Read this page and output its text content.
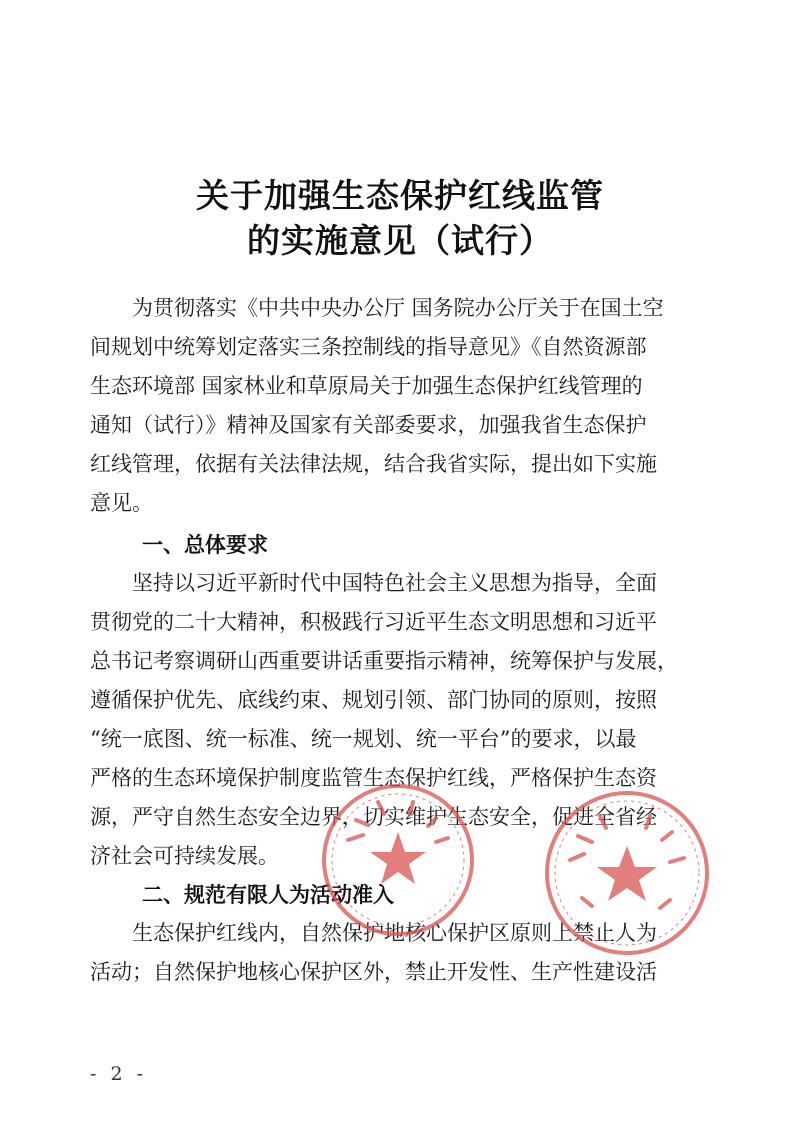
关于加强生态保护红线监管
的实施意见（试行）
　　为贯彻落实《中共中央办公厅 国务院办公厅关于在国土空
间规划中统筹划定落实三条控制线的指导意见》《自然资源部
生态环境部 国家林业和草原局关于加强生态保护红线管理的
通知（试行）》精神及国家有关部委要求，加强我省生态保护
红线管理，依据有关法律法规，结合我省实际，提出如下实施
意见。
一、总体要求
　　坚持以习近平新时代中国特色社会主义思想为指导，全面
贯彻党的二十大精神，积极践行习近平生态文明思想和习近平
总书记考察调研山西重要讲话重要指示精神，统筹保护与发展，
遵循保护优先、底线约束、规划引领、部门协同的原则，按照
“统一底图、统一标准、统一规划、统一平台”的要求，以最
严格的生态环境保护制度监管生态保护红线，严格保护生态资
源，严守自然生态安全边界，切实维护生态安全，促进全省经
济社会可持续发展。
二、规范有限人为活动准入
　　生态保护红线内，自然保护地核心保护区原则上禁止人为
活动；自然保护地核心保护区外，禁止开发性、生产性建设活
- 2 -
